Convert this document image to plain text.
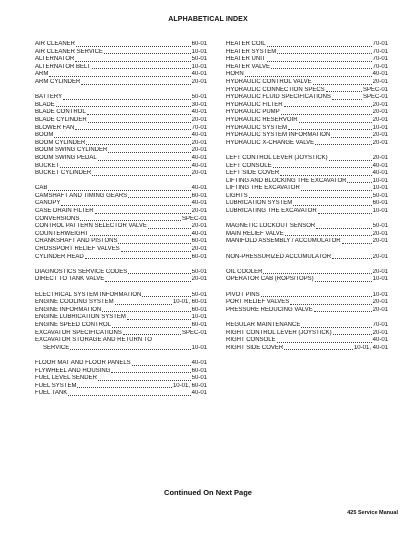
ALPHABETICAL INDEX
AIR CLEANER	60-01
AIR CLEANER SERVICE	10-01
ALTERNATOR	50-01
ALTERNATOR BELT	10-01
ARM	40-01
ARM CYLINDER	20-01
BATTERY	50-01
BLADE	30-01
BLADE CONTROL	40-01
BLADE CYLINDER	20-01
BLOWER FAN	70-01
BOOM	40-01
BOOM CYLINDER	20-01
BOOM SWING CYLINDER	20-01
BOOM SWING PEDAL	40-01
BUCKET	40-01
BUCKET CYLINDER	20-01
CAB	40-01
CAMSHAFT AND TIMING GEARS	60-01
CANOPY	40-01
CASE DRAIN FILTER	20-01
CONVERSIONS	SPEC-01
CONTROL PATTERN SELECTOR VALVE	20-01
COUNTERWEIGHT	40-01
CRANKSHAFT AND PISTONS	60-01
CROSSPORT RELIEF VALVES	20-01
CYLINDER HEAD	60-01
DIAGNOSTICS SERVICE CODES	50-01
DIRECT TO TANK VALVE	20-01
ELECTRICAL SYSTEM INFORMATION	50-01
ENGINE COOLING SYSTEM	10-01, 60-01
ENGINE INFORMATION	60-01
ENGINE LUBRICATION SYSTEM	10-01
ENGINE SPEED CONTROL	60-01
EXCAVATOR SPECIFICATIONS	SPEC-01
EXCAVATOR STORAGE AND RETURN TO
SERVICE	10-01
FLOOR MAT AND FLOOR PANELS	40-01
FLYWHEEL AND HOUSING	60-01
FUEL LEVEL SENDER	50-01
FUEL SYSTEM	10-01, 60-01
FUEL TANK	40-01
HEATER COIL	70-01
HEATER SYSTEM	70-01
HEATER UNIT	70-01
HEATER VALVE	70-01
HORN	40-01
HYDRAULIC CONTROL VALVE	20-01
HYDRAULIC CONNECTION SPECS	SPEC-01
HYDRAULIC FLUID SPECIFICATIONS	SPEC-01
HYDRAULIC FILTER	20-01
HYDRAULIC PUMP	20-01
HYDRAULIC RESERVOIR	20-01
HYDRAULIC SYSTEM	10-01
HYDRAULIC SYSTEM INFORMATION	20-01
HYDRAULIC X-CHANGE VALVE	20-01
LEFT CONTROL LEVER (JOYSTICK)	20-01
LEFT CONSOLE	40-01
LEFT SIDE COVER	40-01
LIFTING AND BLOCKING THE EXCAVATOR	10-01
LIFTING THE EXCAVATOR	10-01
LIGHTS	50-01
LUBRICATION SYSTEM	60-01
LUBRICATING THE EXCAVATOR	10-01
MAGNETIC LOCKOUT SENSOR	50-01
MAIN RELIEF VALVE	20-01
MANIFOLD ASSEMBLY / ACCUMULATOR	20-01
NON-PRESSURIZED ACCUMULATOR	20-01
OIL COOLER	20-01
OPERATOR CAB (ROPS/TOPS)	10-01
PIVOT PINS	10-01
PORT RELIEF VALVES	20-01
PRESSURE REDUCING VALVE	20-01
REGULAR MAINTENANCE	70-01
RIGHT CONTROL LEVER (JOYSTICK)	20-01
RIGHT CONSOLE	40-01
RIGHT SIDE COVER	10-01, 40-01
Continued On Next Page
425 Service Manual
